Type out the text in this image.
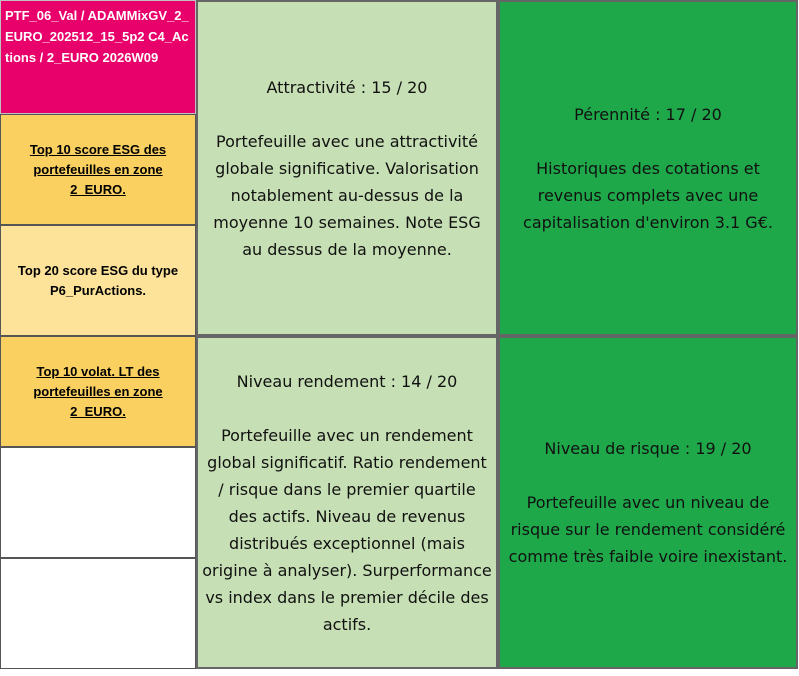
PTF_06_Val / ADAMMixGV_2_EURO_202512_15_5p2 C4_Actions / 2_EURO 2026W09
Top 10 score ESG des portefeuilles en zone 2_EURO.
Top 20 score ESG du type P6_PurActions.
Top 10 volat. LT des portefeuilles en zone 2_EURO.
Attractivité : 15 / 20
Portefeuille avec une attractivité globale significative. Valorisation notablement au-dessus de la moyenne 10 semaines. Note ESG au dessus de la moyenne.
Pérennité : 17 / 20
Historiques des cotations et revenus complets avec une capitalisation d'environ 3.1 G€.
Niveau rendement : 14 / 20
Portefeuille avec un rendement global significatif. Ratio rendement / risque dans le premier quartile des actifs. Niveau de revenus distribués exceptionnel (mais origine à analyser). Surperformance vs index dans le premier décile des actifs.
Niveau de risque : 19 / 20
Portefeuille avec un niveau de risque sur le rendement considéré comme très faible voire inexistant.
